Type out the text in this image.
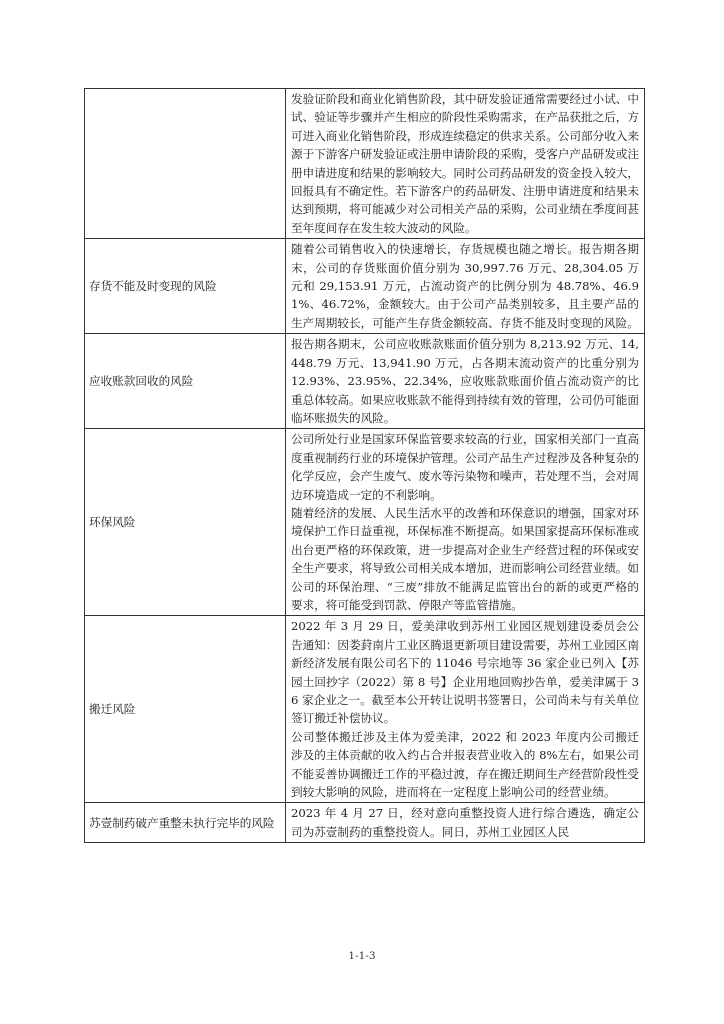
	发验证阶段和商业化销售阶段，其中研发验证通常需要经过小试、中试、验证等步骤并产生相应的阶段性采购需求，在产品获批之后，方可进入商业化销售阶段，形成连续稳定的供求关系。公司部分收入来源于下游客户研发验证或注册申请阶段的采购，受客户产品研发或注册申请进度和结果的影响较大。同时公司药品研发的资金投入较大，回报具有不确定性。若下游客户的药品研发、注册申请进度和结果未达到预期，将可能减少对公司相关产品的采购，公司业绩在季度间甚至年度间存在发生较大波动的风险。

存货不能及时变现的风险	随着公司销售收入的快速增长，存货规模也随之增长。报告期各期末，公司的存货账面价值分别为 30,997.76 万元、28,304.05 万元和 29,153.91 万元，占流动资产的比例分别为 48.78%、46.91%、46.72%，金额较大。由于公司产品类别较多，且主要产品的生产周期较长，可能产生存货金额较高、存货不能及时变现的风险。

应收账款回收的风险	报告期各期末，公司应收账款账面价值分别为 8,213.92 万元、14,448.79 万元、13,941.90 万元，占各期末流动资产的比重分别为 12.93%、23.95%、22.34%，应收账款账面价值占流动资产的比重总体较高。如果应收账款不能得到持续有效的管理，公司仍可能面临坏账损失的风险。

环保风险	公司所处行业是国家环保监管要求较高的行业，国家相关部门一直高度重视制药行业的环境保护管理。公司产品生产过程涉及各种复杂的化学反应，会产生废气、废水等污染物和噪声，若处理不当，会对周边环境造成一定的不利影响。

随着经济的发展、人民生活水平的改善和环保意识的增强，国家对环境保护工作日益重视，环保标准不断提高。如果国家提高环保标准或出台更严格的环保政策，进一步提高对企业生产经营过程的环保或安全生产要求，将导致公司相关成本增加，进而影响公司经营业绩。如公司的环保治理、“三废”排放不能满足监管出台的新的或更严格的要求，将可能受到罚款、停限产等监管措施。

搬迁风险	2022 年 3 月 29 日，爱美津收到苏州工业园区规划建设委员会公告通知：因娄葑南片工业区腾退更新项目建设需要，苏州工业园区南新经济发展有限公司名下的 11046 号宗地等 36 家企业已列入【苏园土回抄字（2022）第 8 号】企业用地回购抄告单，爱美津属于 36 家企业之一。截至本公开转让说明书签署日，公司尚未与有关单位签订搬迁补偿协议。

公司整体搬迁涉及主体为爱美津，2022 和 2023 年度内公司搬迁涉及的主体贡献的收入约占合并报表营业收入的 8%左右，如果公司不能妥善协调搬迁工作的平稳过渡，存在搬迁期间生产经营阶段性受到较大影响的风险，进而将在一定程度上影响公司的经营业绩。

苏壹制药破产重整未执行完毕的风险	2023 年 4 月 27 日，经对意向重整投资人进行综合遴选，确定公司为苏壹制药的重整投资人。同日，苏州工业园区人民

1-1-3
